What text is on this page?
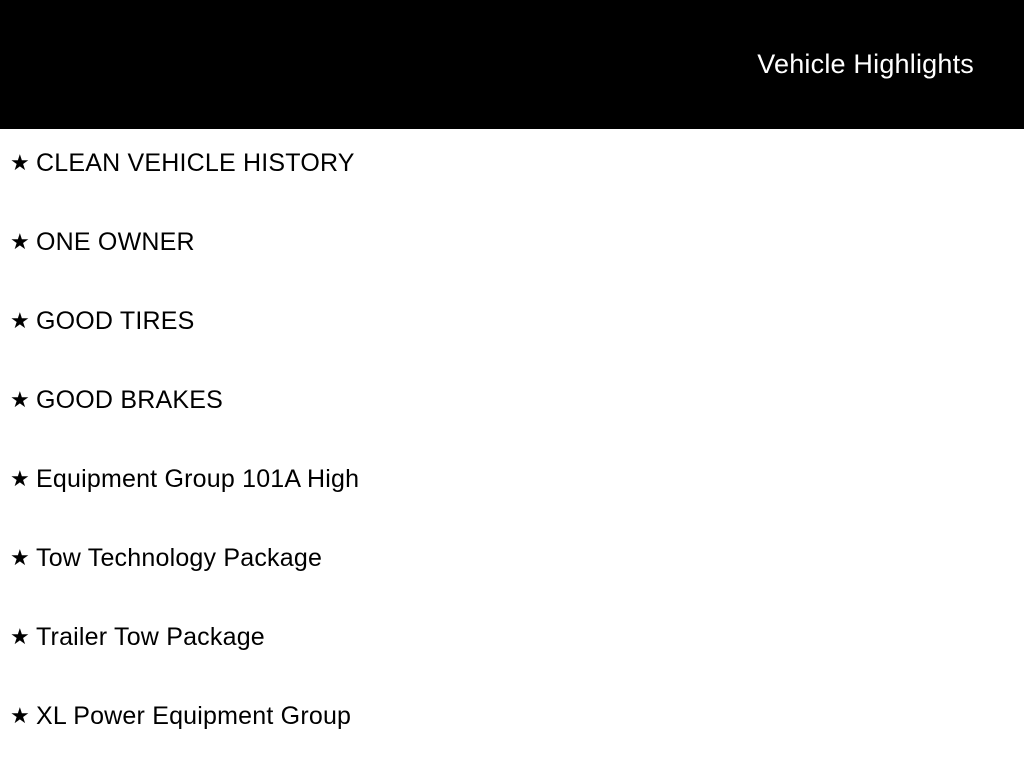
Vehicle Highlights
★ CLEAN VEHICLE HISTORY
★ ONE OWNER
★ GOOD TIRES
★ GOOD BRAKES
★ Equipment Group 101A High
★ Tow Technology Package
★ Trailer Tow Package
★ XL Power Equipment Group
